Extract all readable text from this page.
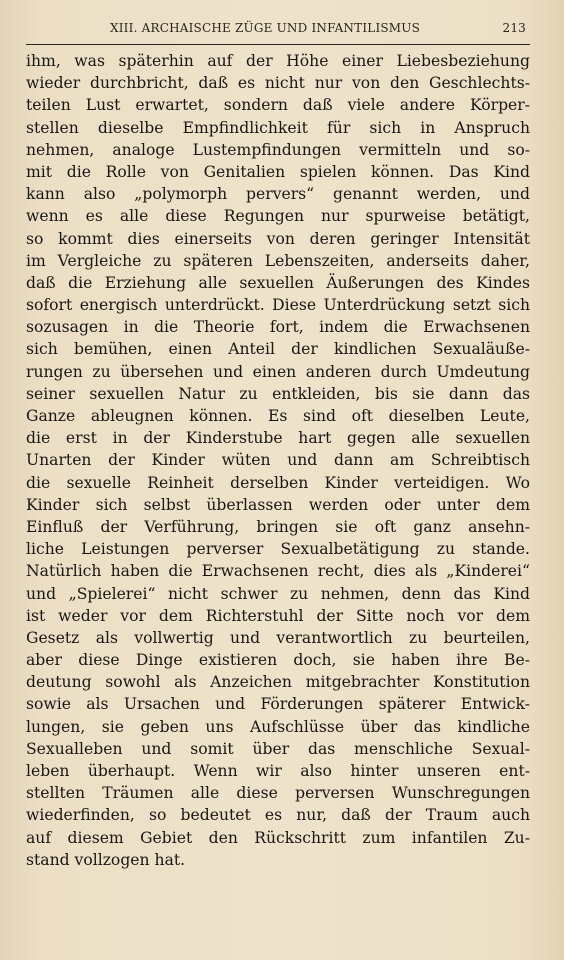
XIII. ARCHAISCHE ZÜGE UND INFANTILISMUS	213
ihm, was späterhin auf der Höhe einer Liebesbeziehung
wieder durchbricht, daß es nicht nur von den Geschlechts-
teilen Lust erwartet, sondern daß viele andere Körper-
stellen dieselbe Empfindlichkeit für sich in Anspruch
nehmen, analoge Lustempfindungen vermitteln und so-
mit die Rolle von Genitalien spielen können. Das Kind
kann also „polymorph pervers“ genannt werden, und
wenn es alle diese Regungen nur spurweise betätigt,
so kommt dies einerseits von deren geringer Intensität
im Vergleiche zu späteren Lebenszeiten, anderseits daher,
daß die Erziehung alle sexuellen Äußerungen des Kindes
sofort energisch unterdrückt. Diese Unterdrückung setzt sich
sozusagen in die Theorie fort, indem die Erwachsenen
sich bemühen, einen Anteil der kindlichen Sexualäuße-
rungen zu übersehen und einen anderen durch Umdeutung
seiner sexuellen Natur zu entkleiden, bis sie dann das
Ganze ableugnen können. Es sind oft dieselben Leute,
die erst in der Kinderstube hart gegen alle sexuellen
Unarten der Kinder wüten und dann am Schreibtisch
die sexuelle Reinheit derselben Kinder verteidigen. Wo
Kinder sich selbst überlassen werden oder unter dem
Einfluß der Verführung, bringen sie oft ganz ansehn-
liche Leistungen perverser Sexualbetätigung zu stande.
Natürlich haben die Erwachsenen recht, dies als „Kinderei“
und „Spielerei“ nicht schwer zu nehmen, denn das Kind
ist weder vor dem Richterstuhl der Sitte noch vor dem
Gesetz als vollwertig und verantwortlich zu beurteilen,
aber diese Dinge existieren doch, sie haben ihre Be-
deutung sowohl als Anzeichen mitgebrachter Konstitution
sowie als Ursachen und Förderungen späterer Entwick-
lungen, sie geben uns Aufschlüsse über das kindliche
Sexualleben und somit über das menschliche Sexual-
leben überhaupt. Wenn wir also hinter unseren ent-
stellten Träumen alle diese perversen Wunschregungen
wiederfinden, so bedeutet es nur, daß der Traum auch
auf diesem Gebiet den Rückschritt zum infantilen Zu-
stand vollzogen hat.
